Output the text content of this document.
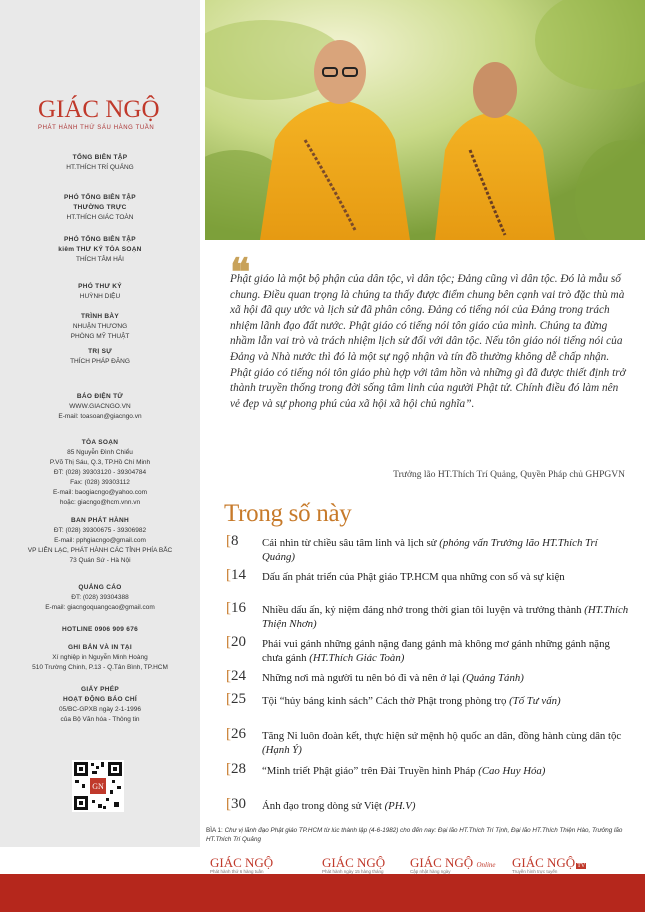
GIÁC NGỘ
PHÁT HÀNH THỨ SÁU HÀNG TUẦN
TỔNG BIÊN TẬP
HT.THÍCH TRÍ QUẢNG
PHÓ TỔNG BIÊN TẬP
THƯỜNG TRỰC
HT.THÍCH GIÁC TOÀN
PHÓ TỔNG BIÊN TẬP
kiêm THƯ KÝ TÒA SOẠN
THÍCH TÂM HẢI
PHÓ THƯ KÝ
HUỲNH DIỆU
TRÌNH BÀY
NHUẬN THƯƠNG
PHÒNG MỸ THUẬT
TRỊ SỰ
THÍCH PHÁP ĐĂNG
BÁO ĐIỆN TỬ
WWW.GIACNGO.VN
E-mail: toasoan@giacngo.vn
TÒA SOẠN
85 Nguyễn Đình Chiểu
P.Võ Thị Sáu, Q.3, TP.Hồ Chí Minh
ĐT: (028) 39303120 - 39304784
Fax: (028) 39303112
E-mail: baogiacngo@yahoo.com
hoặc: giacngo@hcm.vnn.vn
BAN PHÁT HÀNH
ĐT: (028) 39300675 - 39306982
E-mail: pphgiacngo@gmail.com
VP LIÊN LẠC, PHÁT HÀNH CÁC TỈNH PHÍA BẮC
73 Quán Sứ - Hà Nội
QUẢNG CÁO
ĐT: (028) 39304388
E-mail: giacngoquangcao@gmail.com
HOTLINE 0906 909 676
GHI BẢN VÀ IN TẠI
Xí nghiệp in Nguyễn Minh Hoàng
510 Trường Chinh, P.13 - Q.Tân Bình, TP.HCM
GIẤY PHÉP
HOẠT ĐỘNG BÁO CHÍ
05/BC-GPXB ngày 2-1-1996
của Bộ Văn hóa - Thông tin
GN
❝

Phật giáo là một bộ phận của dân tộc, vì dân tộc; Đảng cũng vì dân tộc. Đó là mẫu số chung. Điều quan trọng là chúng ta thấy được điểm chung bên cạnh vai trò đặc thù mà xã hội đã quy ước và lịch sử đã phân công. Đảng có tiếng nói của Đảng trong trách nhiệm lãnh đạo đất nước. Phật giáo có tiếng nói tôn giáo của mình. Chúng ta đừng nhầm lẫn vai trò và trách nhiệm lịch sử đối với dân tộc. Nếu tôn giáo nói tiếng nói của Đảng và Nhà nước thì đó là một sự ngộ nhận và tín đồ thường không dễ chấp nhận. Phật giáo có tiếng nói tôn giáo phù hợp với tâm hồn và những gì đã được thiết định trở thành truyền thống trong đời sống tâm linh của người Phật tử. Chính điều đó làm nên vẻ đẹp và sự phong phú của xã hội xã hội chủ nghĩa”.

Trưởng lão HT.Thích Trí Quảng, Quyền Pháp chủ GHPGVN
Trong số này
[8 Cái nhìn từ chiều sâu tâm linh và lịch sử (phỏng vấn Trưởng lão HT.Thích Trí Quảng)
[14 Dấu ấn phát triển của Phật giáo TP.HCM qua những con số và sự kiện
[16 Nhiều dấu ấn, kỷ niệm đáng nhớ trong thời gian tôi luyện và trưởng thành (HT.Thích Thiện Nhơn)
[20 Phải vui gánh những gánh nặng đang gánh mà không mơ gánh những gánh nặng chưa gánh (HT.Thích Giác Toàn)
[24 Những nơi mà người tu nên bỏ đi và nên ở lại (Quảng Tánh)
[25 Tội “hủy báng kinh sách” Cách thờ Phật trong phòng trọ (Tố Tư vấn)
[26 Tăng Ni luôn đoàn kết, thực hiện sứ mệnh hộ quốc an dân, đồng hành cùng dân tộc (Hạnh Ý)
[28 “Minh triết Phật giáo” trên Đài Truyền hình Pháp (Cao Huy Hóa)
[30 Ánh đạo trong dòng sử Việt (PH.V)
BÌA 1: Chư vị lãnh đạo Phật giáo TP.HCM từ lúc thành lập (4-6-1982) cho đến nay: Đại lão HT.Thích Trí Tịnh, Đại lão HT.Thích Thiện Hào, Trưởng lão HT.Thích Trí Quảng
GIÁC NGỘ
Phát hành thứ 6 hàng tuần
GIÁC NGỘ
Phát hành ngày 15 hàng tháng
GIÁC NGỘ Online
Cập nhật hàng ngày
GIÁC NGỘ TV
Truyền hình trực tuyến
